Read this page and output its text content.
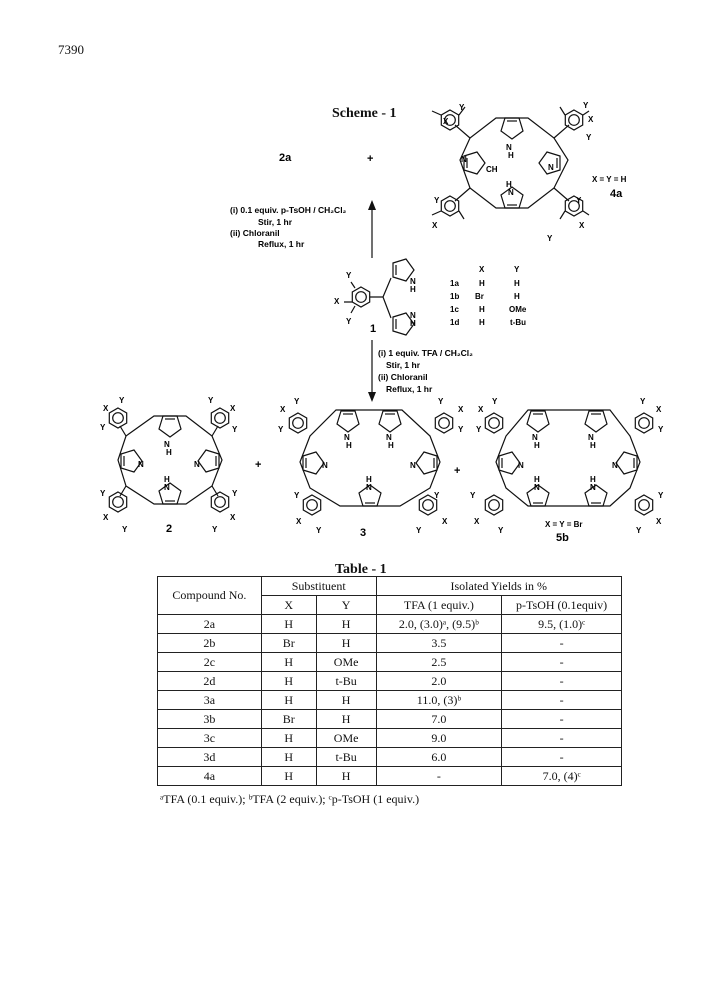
7390
Scheme - 1
X
Y	Y
X
Y
N
H
N
N
H
N
Y
X
Y
X
Y
CH
X = Y = H
4a
2a	+
(i) 0.1 equiv. p-TsOH / CH₂Cl₂
Stir, 1 hr
(ii) Chloranil
Reflux, 1 hr
Y
X
Y
N
H
N
H
1
X	Y
1a	H	H
1b Br	H
1c	H	OMe
1d H	t-Bu
(i) 1 equiv. TFA / CH₂Cl₂
Stir, 1 hr
(ii) Chloranil
Reflux, 1 hr
X
Y
Y
Y
X
Y
N
H
N	N
H
N
Y
X
Y
Y
X
Y
2
+
X
Y
Y
Y
X
Y
N
H
N
H
N	N
H
N
Y
X
Y
Y
X
Y
3
+
X
Y
Y
Y
X
Y
N
H
N
H
N	N
H
N
H
N
Y
X
Y
Y
X
Y
X = Y = Br
5b
Table - 1
Compound No.	Substituent		Isolated Yields in %	
	X	Y	TFA (1 equiv.)	p-TsOH (0.1equiv)
2a	H	H	2.0, (3.0)ᵃ, (9.5)ᵇ	9.5, (1.0)ᶜ
2b	Br	H	3.5	-
2c	H	OMe	2.5	-
2d	H	t-Bu	2.0	-
3a	H	H	11.0, (3)ᵇ	-
3b	Br	H	7.0	-
3c	H	OMe	9.0	-
3d	H	t-Bu	6.0	-
4a	H	H	-	7.0, (4)ᶜ
ᵃTFA (0.1 equiv.); ᵇTFA (2 equiv.); ᶜp-TsOH (1 equiv.)
